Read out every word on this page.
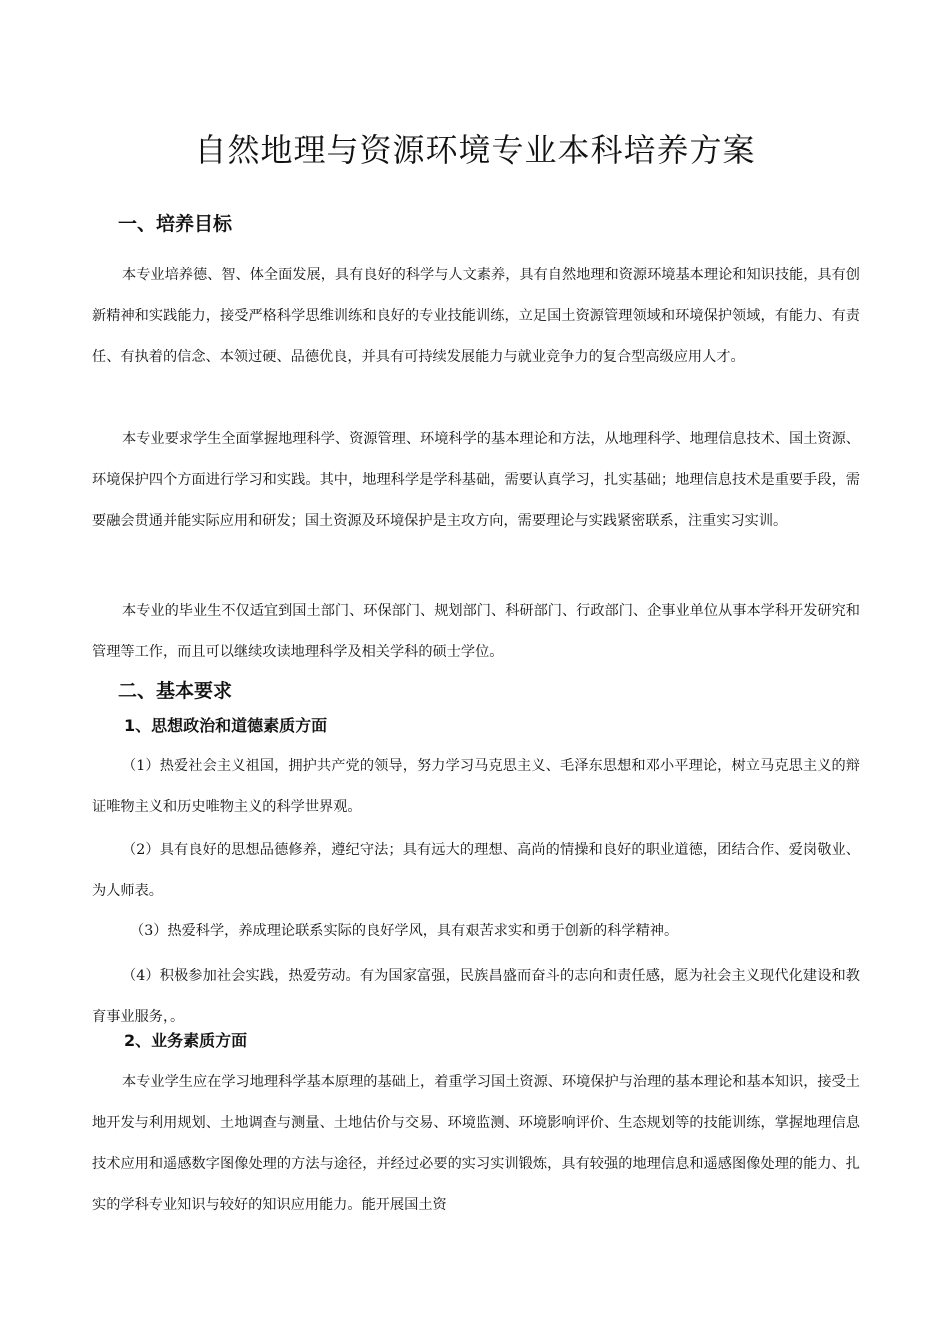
自然地理与资源环境专业本科培养方案
一、培养目标

本专业培养德、智、体全面发展，具有良好的科学与人文素养，具有自然地理和资源环境基本理论和知识技能，具有创新精神和实践能力，接受严格科学思维训练和良好的专业技能训练，立足国土资源管理领域和环境保护领域，有能力、有责任、有执着的信念、本领过硬、品德优良，并具有可持续发展能力与就业竞争力的复合型高级应用人才。

本专业要求学生全面掌握地理科学、资源管理、环境科学的基本理论和方法，从地理科学、地理信息技术、国土资源、环境保护四个方面进行学习和实践。其中，地理科学是学科基础，需要认真学习，扎实基础；地理信息技术是重要手段，需要融会贯通并能实际应用和研发；国土资源及环境保护是主攻方向，需要理论与实践紧密联系，注重实习实训。

本专业的毕业生不仅适宜到国土部门、环保部门、规划部门、科研部门、行政部门、企事业单位从事本学科开发研究和管理等工作，而且可以继续攻读地理科学及相关学科的硕士学位。

二、基本要求
1、思想政治和道德素质方面

（1）热爱社会主义祖国，拥护共产党的领导，努力学习马克思主义、毛泽东思想和邓小平理论，树立马克思主义的辩证唯物主义和历史唯物主义的科学世界观。

（2）具有良好的思想品德修养，遵纪守法；具有远大的理想、高尚的情操和良好的职业道德，团结合作、爱岗敬业、为人师表。

（3）热爱科学，养成理论联系实际的良好学风，具有艰苦求实和勇于创新的科学精神。

（4）积极参加社会实践，热爱劳动。有为国家富强，民族昌盛而奋斗的志向和责任感，愿为社会主义现代化建设和教育事业服务，。

2、业务素质方面

本专业学生应在学习地理科学基本原理的基础上，着重学习国土资源、环境保护与治理的基本理论和基本知识，接受土地开发与利用规划、土地调查与测量、土地估价与交易、环境监测、环境影响评价、生态规划等的技能训练，掌握地理信息技术应用和遥感数字图像处理的方法与途径，并经过必要的实习实训锻炼，具有较强的地理信息和遥感图像处理的能力、扎实的学科专业知识与较好的知识应用能力。能开展国土资
